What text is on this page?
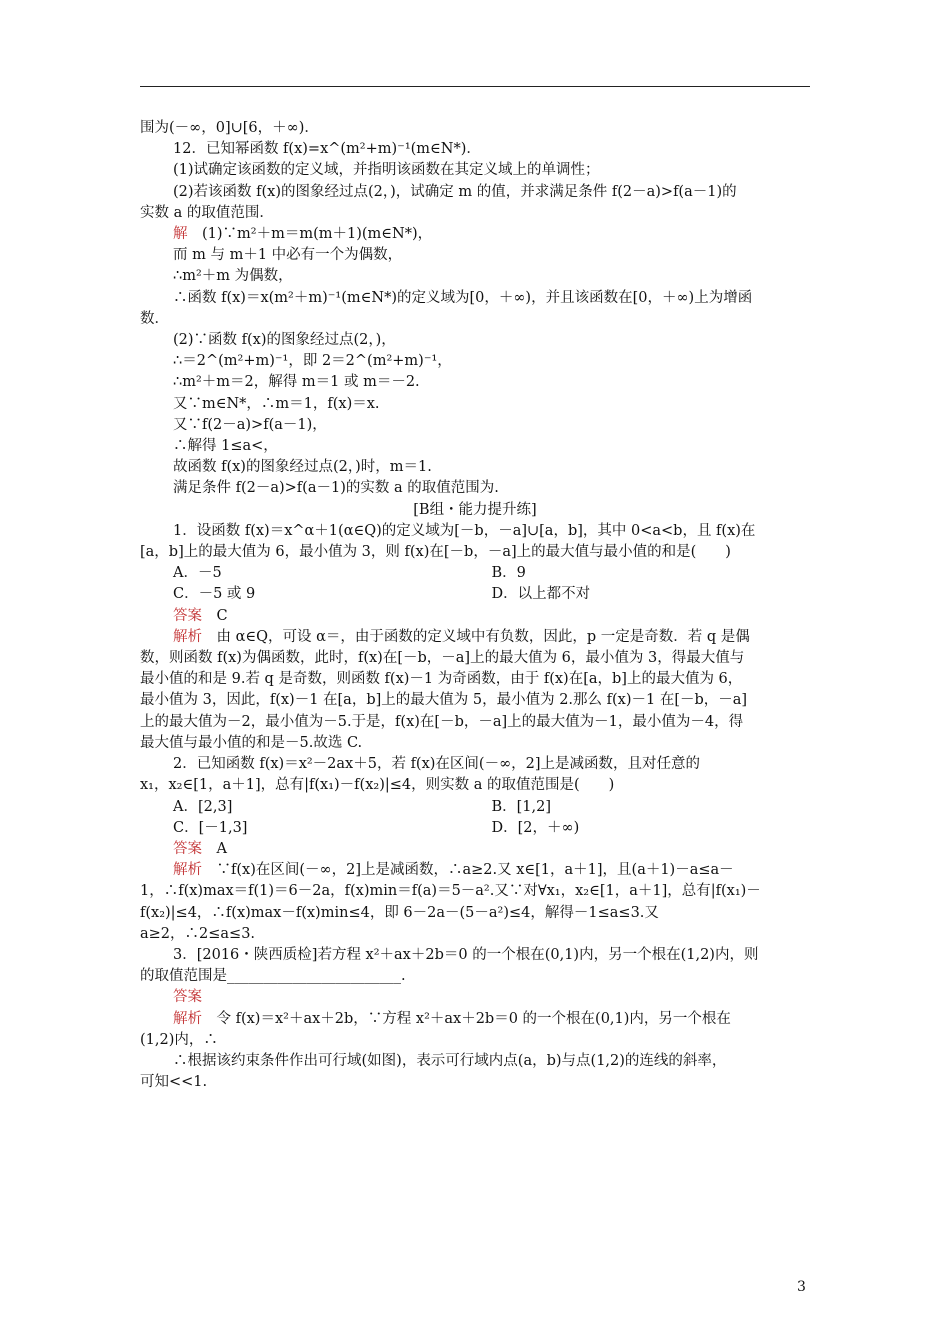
围为(－∞，0]∪[6，＋∞)．

12．已知幂函数 f(x)=x^(m²+m)⁻¹(m∈N*)．

(1)试确定该函数的定义域，并指明该函数在其定义域上的单调性；

(2)若该函数 f(x)的图象经过点(2，)，试确定 m 的值，并求满足条件 f(2－a)>f(a－1)的

实数 a 的取值范围．

解　 (1)∵m²＋m＝m(m＋1)(m∈N*)，

而 m 与 m＋1 中必有一个为偶数，

∴m²＋m 为偶数，

∴函数 f(x)＝x(m²＋m)⁻¹(m∈N*)的定义域为[0，＋∞)，并且该函数在[0，＋∞)上为增函

数．

(2)∵函数 f(x)的图象经过点(2，)，

∴＝2^(m²+m)⁻¹，即 2＝2^(m²+m)⁻¹，

∴m²＋m＝2，解得 m＝1 或 m＝－2.

又∵m∈N*，∴m＝1，f(x)＝x.

又∵f(2－a)>f(a－1)，

∴解得 1≤a<，

故函数 f(x)的图象经过点(2，)时，m＝1.

满足条件 f(2－a)>f(a－1)的实数 a 的取值范围为.

[B组・能力提升练]

1．设函数 f(x)＝x^α＋1(α∈Q)的定义域为[－b，－a]∪[a，b]，其中 0<a<b，且 f(x)在

[a，b]上的最大值为 6，最小值为 3，则 f(x)在[－b，－a]上的最大值与最小值的和是(　　)

A．－5	B．9
C．－5 或 9	D．以上都不对

答案　 C

解析　 由 α∈Q，可设 α＝，由于函数的定义域中有负数，因此，p 一定是奇数．若 q 是偶

数，则函数 f(x)为偶函数，此时，f(x)在[－b，－a]上的最大值为 6，最小值为 3，得最大值与

最小值的和是 9.若 q 是奇数，则函数 f(x)－1 为奇函数，由于 f(x)在[a，b]上的最大值为 6，

最小值为 3，因此，f(x)－1 在[a，b]上的最大值为 5，最小值为 2.那么 f(x)－1 在[－b，－a]

上的最大值为－2，最小值为－5.于是，f(x)在[－b，－a]上的最大值为－1，最小值为－4，得

最大值与最小值的和是－5.故选 C.

2．已知函数 f(x)＝x²－2ax＋5，若 f(x)在区间(－∞，2]上是减函数，且对任意的

x₁，x₂∈[1，a＋1]，总有|f(x₁)－f(x₂)|≤4，则实数 a 的取值范围是(　　)

A．[2,3]	B．[1,2]
C．[－1,3]	D．[2，＋∞)

答案　 A

解析　 ∵f(x)在区间(－∞，2]上是减函数，∴a≥2.又 x∈[1，a＋1]，且(a＋1)－a≤a－

1，∴f(x)max＝f(1)＝6－2a，f(x)min＝f(a)＝5－a².又∵对∀x₁，x₂∈[1，a＋1]，总有|f(x₁)－

f(x₂)|≤4，∴f(x)max－f(x)min≤4，即 6－2a－(5－a²)≤4，解得－1≤a≤3.又

a≥2，∴2≤a≤3.

3．[2016・陕西质检]若方程 x²＋ax＋2b＝0 的一个根在(0,1)内，另一个根在(1,2)内，则

的取值范围是________________________.

答案

解析　 令 f(x)＝x²＋ax＋2b，∵方程 x²＋ax＋2b＝0 的一个根在(0,1)内，另一个根在

(1,2)内，∴

∴根据该约束条件作出可行域(如图)，表示可行域内点(a，b)与点(1,2)的连线的斜率，

可知<<1.

3
